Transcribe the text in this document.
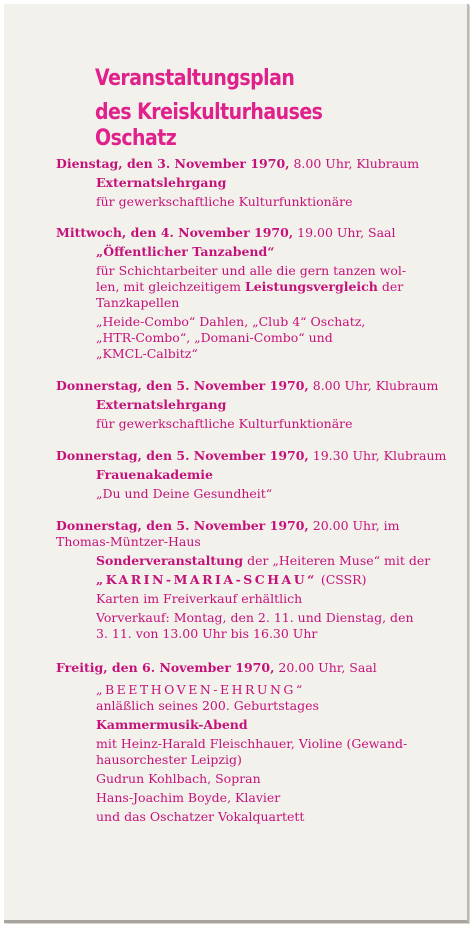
Veranstaltungsplan
des Kreiskulturhauses Oschatz
Dienstag, den 3. November 1970, 8.00 Uhr, Klubraum
Externatslehrgang
für gewerkschaftliche Kulturfunktionäre
Mittwoch, den 4. November 1970, 19.00 Uhr, Saal
„Öffentlicher Tanzabend“
für Schichtarbeiter und alle die gern tanzen wol-
len, mit gleichzeitigem Leistungsvergleich der
Tanzkapellen
„Heide-Combo“ Dahlen, „Club 4“ Oschatz,
„HTR-Combo“, „Domani-Combo“ und
„KMCL-Calbitz“
Donnerstag, den 5. November 1970, 8.00 Uhr, Klubraum
Externatslehrgang
für gewerkschaftliche Kulturfunktionäre
Donnerstag, den 5. November 1970, 19.30 Uhr, Klubraum
Frauenakademie
„Du und Deine Gesundheit“
Donnerstag, den 5. November 1970, 20.00 Uhr, im
Thomas-Müntzer-Haus
Sonderveranstaltung der „Heiteren Muse“ mit der
„KARIN-MARIA-SCHAU“ (CSSR)
Karten im Freiverkauf erhältlich
Vorverkauf: Montag, den 2. 11. und Dienstag, den
3. 11. von 13.00 Uhr bis 16.30 Uhr
Freitig, den 6. November 1970, 20.00 Uhr, Saal
„BEETHOVEN-EHRUNG“
anläßlich seines 200. Geburtstages
Kammermusik-Abend
mit Heinz-Harald Fleischhauer, Violine (Gewand-
hausorchester Leipzig)
Gudrun Kohlbach, Sopran
Hans-Joachim Boyde, Klavier
und das Oschatzer Vokalquartett
